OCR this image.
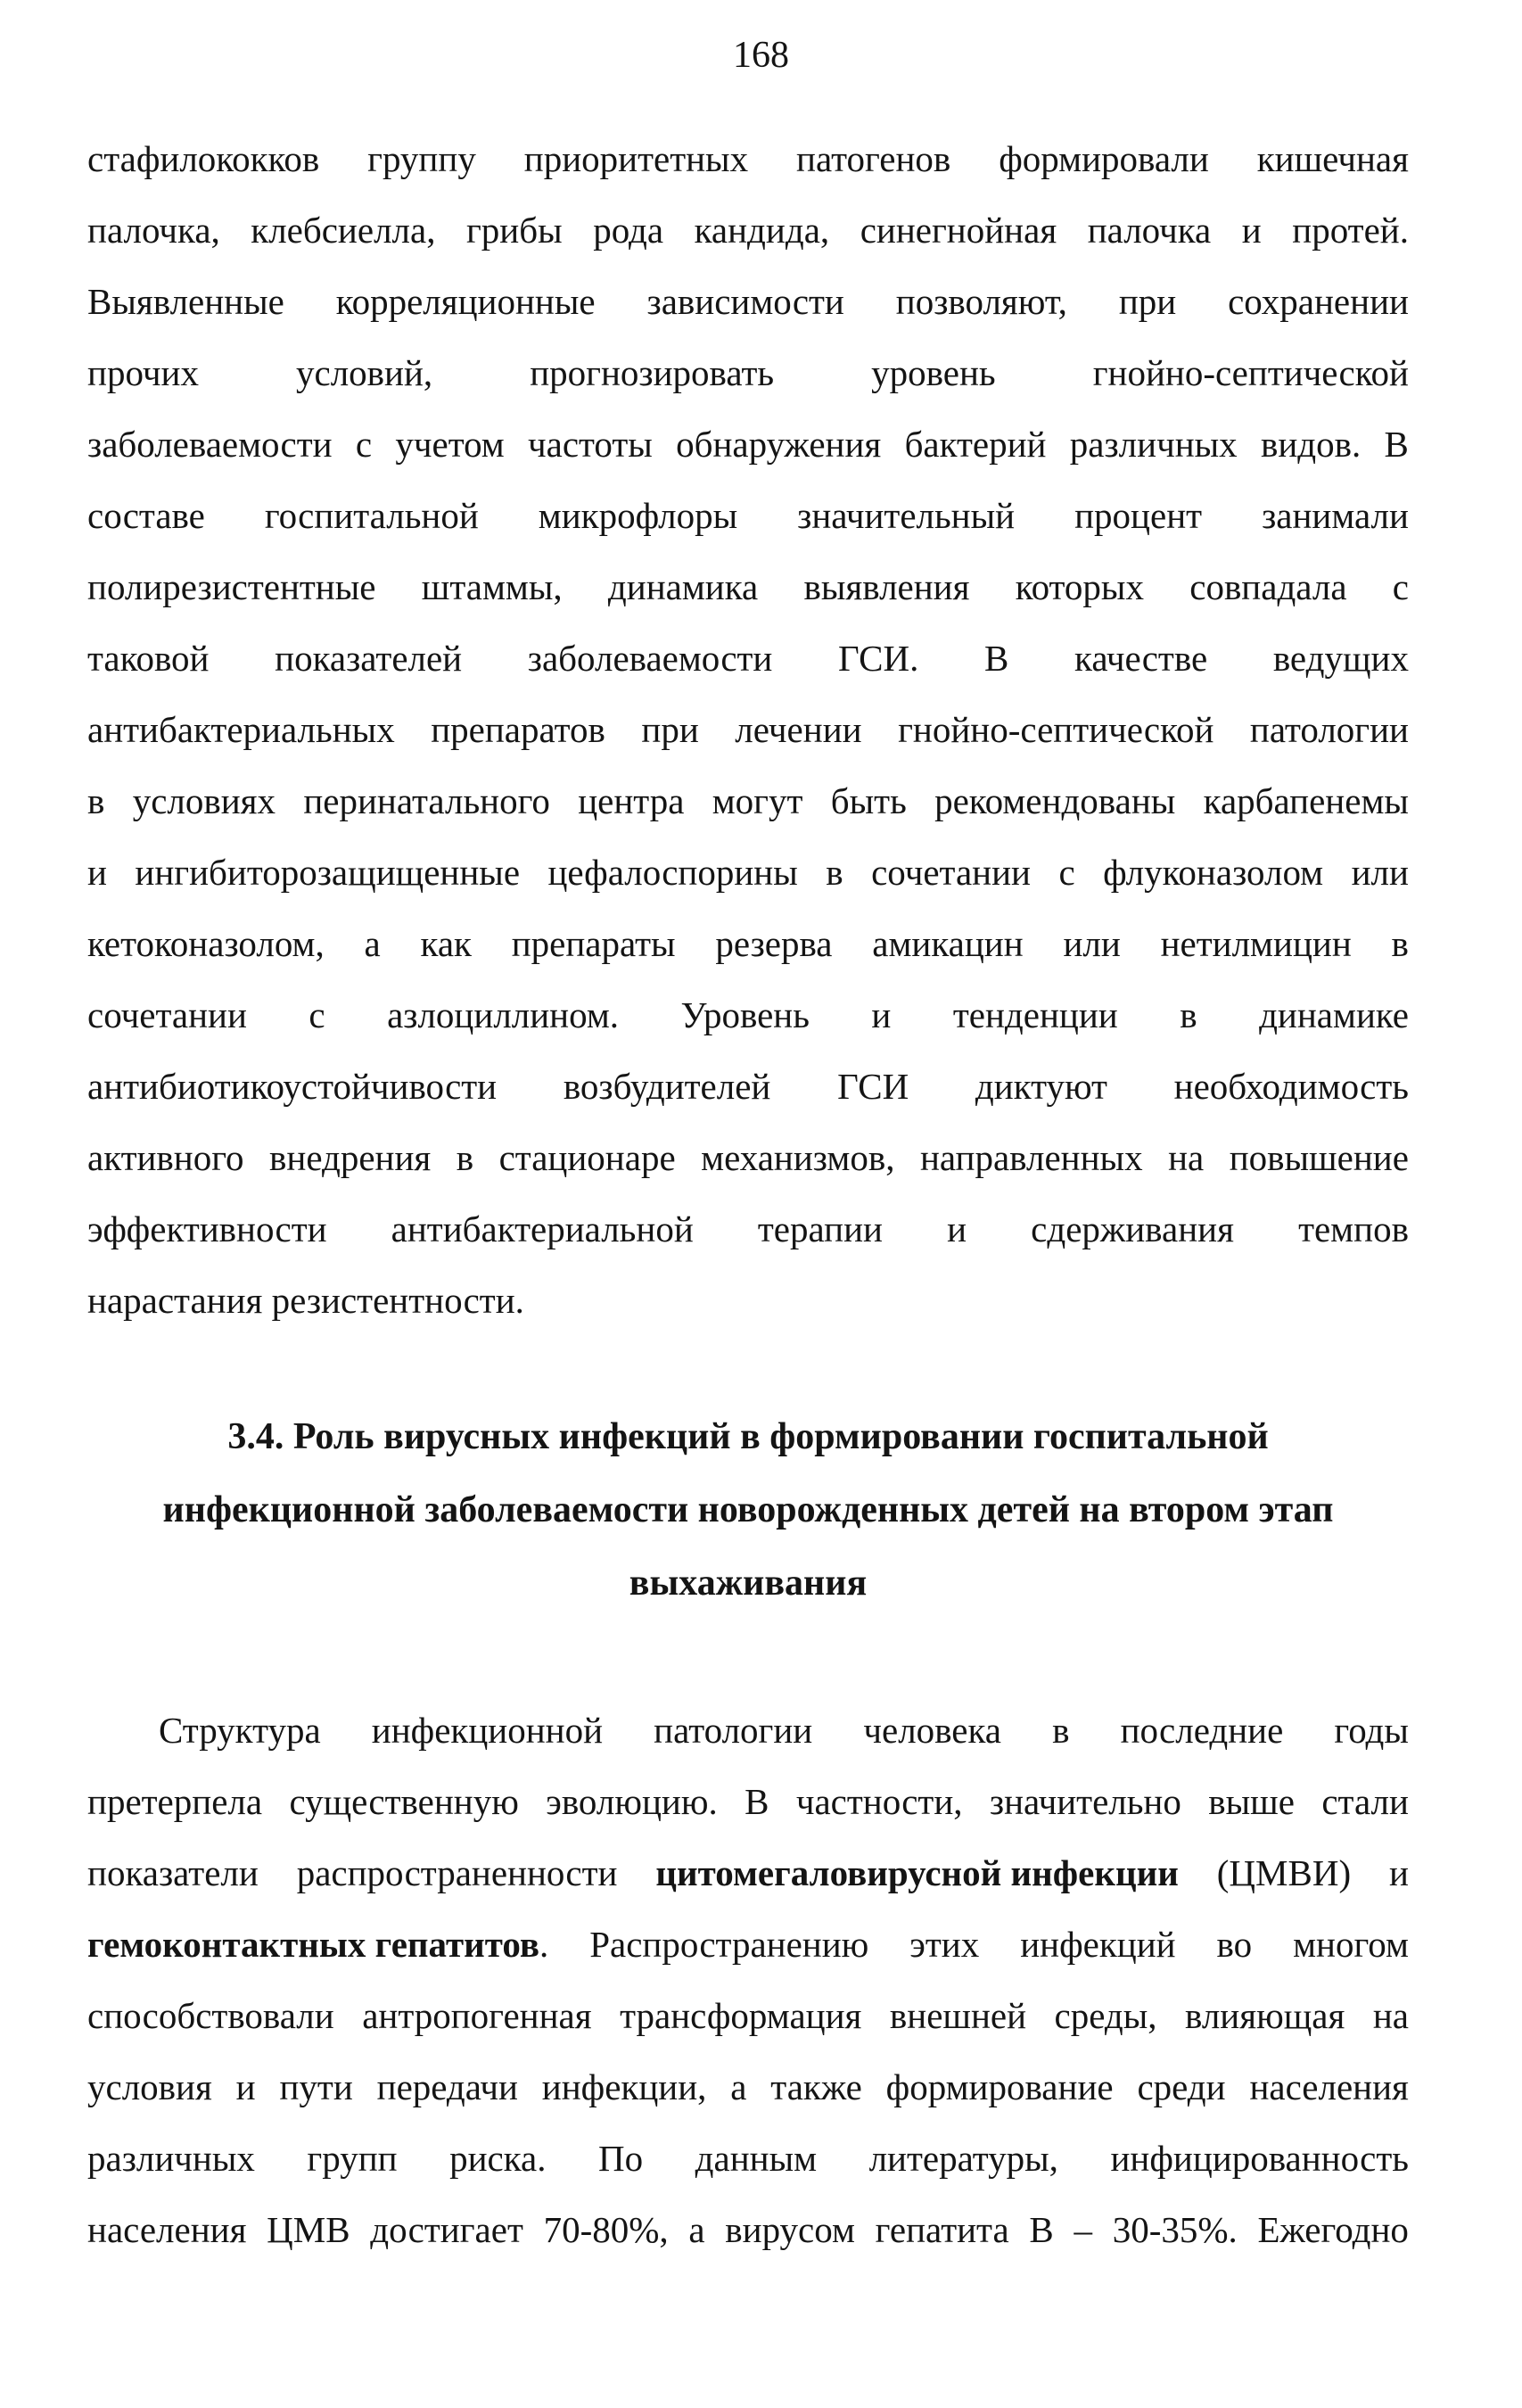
168
стафилококков группу приоритетных патогенов формировали кишечная
палочка, клебсиелла, грибы рода кандида, синегнойная палочка и протей.
Выявленные корреляционные зависимости позволяют, при сохранении
прочих	условий,	прогнозировать	уровень	гнойно-септической
заболеваемости с учетом частоты обнаружения бактерий различных видов. В
составе госпитальной микрофлоры значительный процент занимали
полирезистентные штаммы, динамика выявления которых совпадала с
таковой показателей заболеваемости ГСИ. В качестве ведущих
антибактериальных препаратов при лечении гнойно-септической патологии
в условиях перинатального центра могут быть рекомендованы карбапенемы
и ингибиторозащищенные цефалоспорины в сочетании с флуконазолом или
кетоконазолом, а как препараты резерва амикацин или нетилмицин в
сочетании с азлоциллином. Уровень и тенденции в динамике
антибиотикоустойчивости возбудителей ГСИ диктуют необходимость
активного внедрения в стационаре механизмов, направленных на повышение
эффективности антибактериальной терапии и сдерживания темпов
нарастания резистентности.
3.4. Роль вирусных инфекций в формировании госпитальной
инфекционной заболеваемости новорожденных детей на втором этап
выхаживания
Структура инфекционной патологии человека в последние годы
претерпела существенную эволюцию. В частности, значительно выше стали
показатели распространенности цитомегаловирусной инфекции (ЦМВИ) и
гемоконтактных гепатитов. Распространению этих инфекций во многом
способствовали антропогенная трансформация внешней среды, влияющая на
условия и пути передачи инфекции, а также формирование среди населения
различных групп риска. По данным литературы, инфицированность
населения ЦМВ достигает 70-80%, а вирусом гепатита В – 30-35%. Ежегодно
